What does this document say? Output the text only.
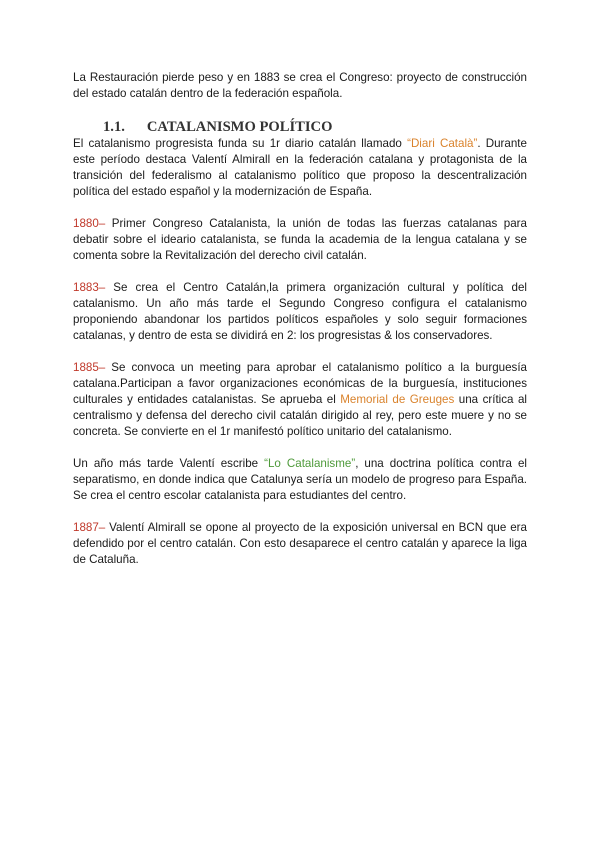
La Restauración pierde peso y en 1883 se crea el Congreso: proyecto de construcción del estado catalán dentro de la federación española.

1.1. CATALANISMO POLÍTICO

El catalanismo progresista funda su 1r diario catalán llamado “Diari Català”. Durante este período destaca Valentí Almirall en la federación catalana y protagonista de la transición del federalismo al catalanismo político que proposo la descentralización política del estado español y la modernización de España.

1880– Primer Congreso Catalanista, la unión de todas las fuerzas catalanas para debatir sobre el ideario catalanista, se funda la academia de la lengua catalana y se comenta sobre la Revitalización del derecho civil catalán.

1883– Se crea el Centro Catalán,la primera organización cultural y política del catalanismo. Un año más tarde el Segundo Congreso configura el catalanismo proponiendo abandonar los partidos políticos españoles y solo seguir formaciones catalanas, y dentro de esta se dividirá en 2: los progresistas & los conservadores.

1885– Se convoca un meeting para aprobar el catalanismo político a la burguesía catalana.Participan a favor organizaciones económicas de la burguesía, instituciones culturales y entidades catalanistas. Se aprueba el Memorial de Greuges una crítica al centralismo y defensa del derecho civil catalán dirigido al rey, pero este muere y no se concreta. Se convierte en el 1r manifestó político unitario del catalanismo.

Un año más tarde Valentí escribe “Lo Catalanisme”, una doctrina política contra el separatismo, en donde indica que Catalunya sería un modelo de progreso para España. Se crea el centro escolar catalanista para estudiantes del centro.

1887– Valentí Almirall se opone al proyecto de la exposición universal en BCN que era defendido por el centro catalán. Con esto desaparece el centro catalán y aparece la liga de Cataluña.
